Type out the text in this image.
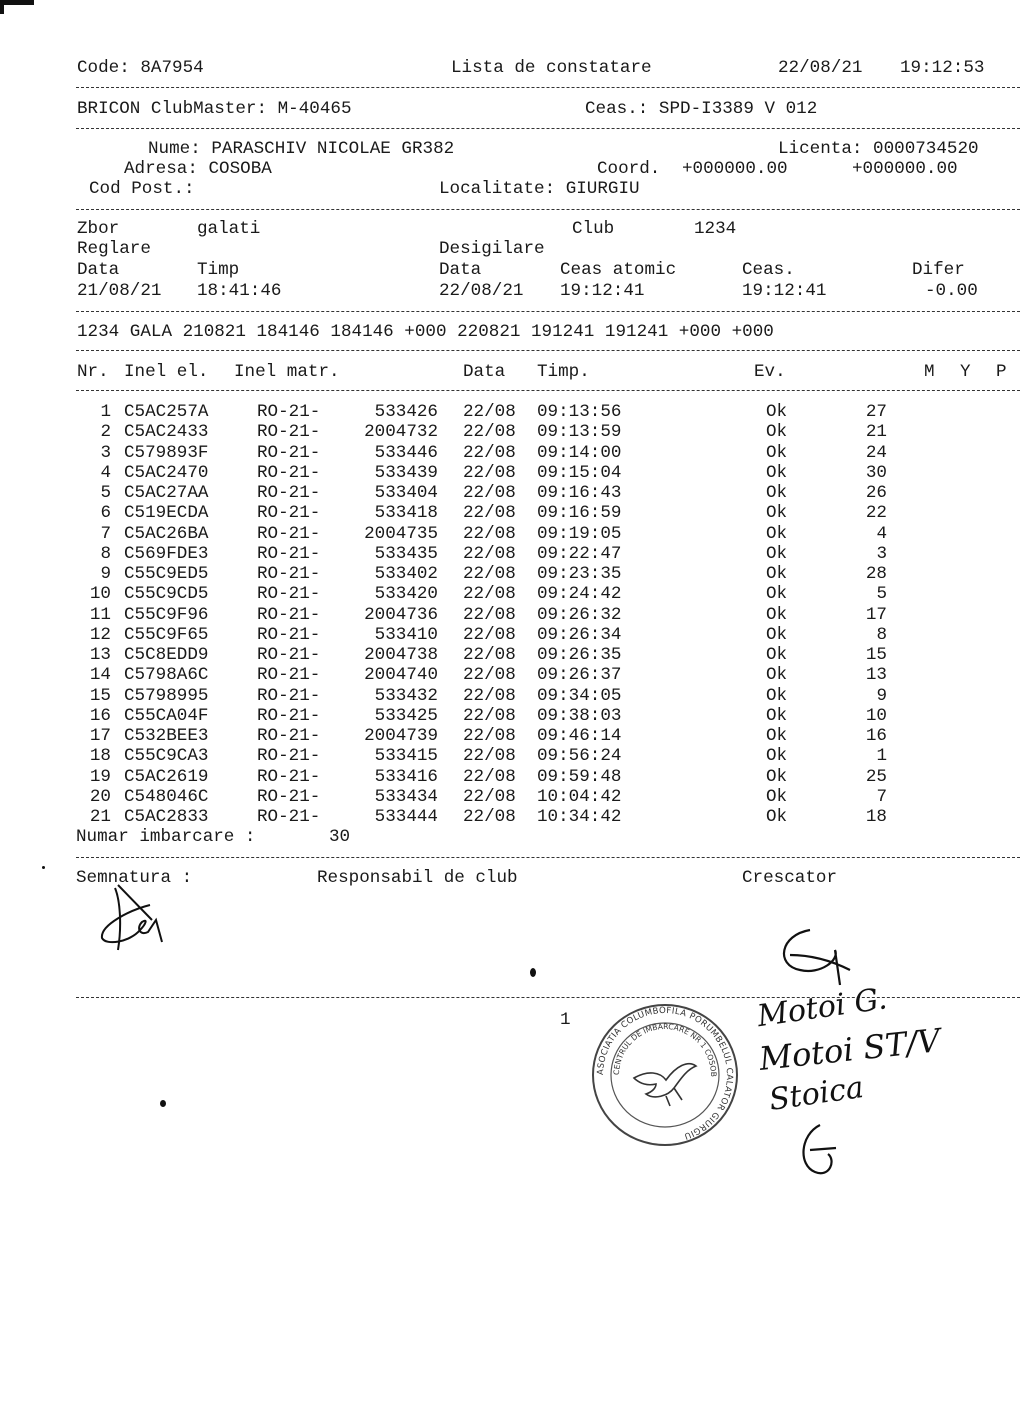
Code: 8A7954	Lista de constatare	22/08/21 19:12:53
BRICON ClubMaster: M-40465	Ceas.: SPD-I3389 V 012
Nume: PARASCHIV NICOLAE GR382	Licenta: 0000734520
Adresa: COSOBA	Coord. +000000.00	+000000.00
Cod Post.:	Localitate: GIURGIU
Zbor	galati	Club	1234
Reglare	Desigilare
Data	Timp	Data	Ceas atomic	Ceas.	Difer
21/08/21 18:41:46	22/08/21 19:12:41	19:12:41	-0.00
1234 GALA 210821 184146 184146 +000 220821 191241 191241 +000 +000
Nr. Inel el. Inel matr.	Data Timp.	Ev.	M Y P
1 C5AC257A	RO-21-	533426 22/08 09:13:56	Ok	27
2 C5AC2433	RO-21- 2004732 22/08 09:13:59	Ok	21
3 C579893F	RO-21-	533446 22/08 09:14:00	Ok	24
4 C5AC2470	RO-21-	533439 22/08 09:15:04	Ok	30
5 C5AC27AA	RO-21-	533404 22/08 09:16:43	Ok	26
6 C519ECDA	RO-21-	533418 22/08 09:16:59	Ok	22
7 C5AC26BA	RO-21- 2004735 22/08 09:19:05	Ok	4
8 C569FDE3	RO-21-	533435 22/08 09:22:47	Ok	3
9 C55C9ED5	RO-21-	533402 22/08 09:23:35	Ok	28
10 C55C9CD5	RO-21-	533420 22/08 09:24:42	Ok	5
11 C55C9F96	RO-21- 2004736 22/08 09:26:32	Ok	17
12 C55C9F65	RO-21-	533410 22/08 09:26:34	Ok	8
13 C5C8EDD9	RO-21- 2004738 22/08 09:26:35	Ok	15
14 C5798A6C	RO-21- 2004740 22/08 09:26:37	Ok	13
15 C5798995	RO-21-	533432 22/08 09:34:05	Ok	9
16 C55CA04F	RO-21-	533425 22/08 09:38:03	Ok	10
17 C532BEE3	RO-21- 2004739 22/08 09:46:14	Ok	16
18 C55C9CA3	RO-21-	533415 22/08 09:56:24	Ok	1
19 C5AC2619	RO-21-	533416 22/08 09:59:48	Ok	25
20 C548046C	RO-21-	533434 22/08 10:04:42	Ok	7
21 C5AC2833	RO-21-	533444 22/08 10:34:42	Ok	18
Numar imbarcare :	30
Semnatura :	Responsabil de club	Crescator
1
ASOCIATIA COLUMBOFILA PORUMBELUL CALATOR GIURGIU
CENTRUL DE IMBARCARE NR 1 COSOBA	Motoi G.
Motoi ST/V
Stoica
